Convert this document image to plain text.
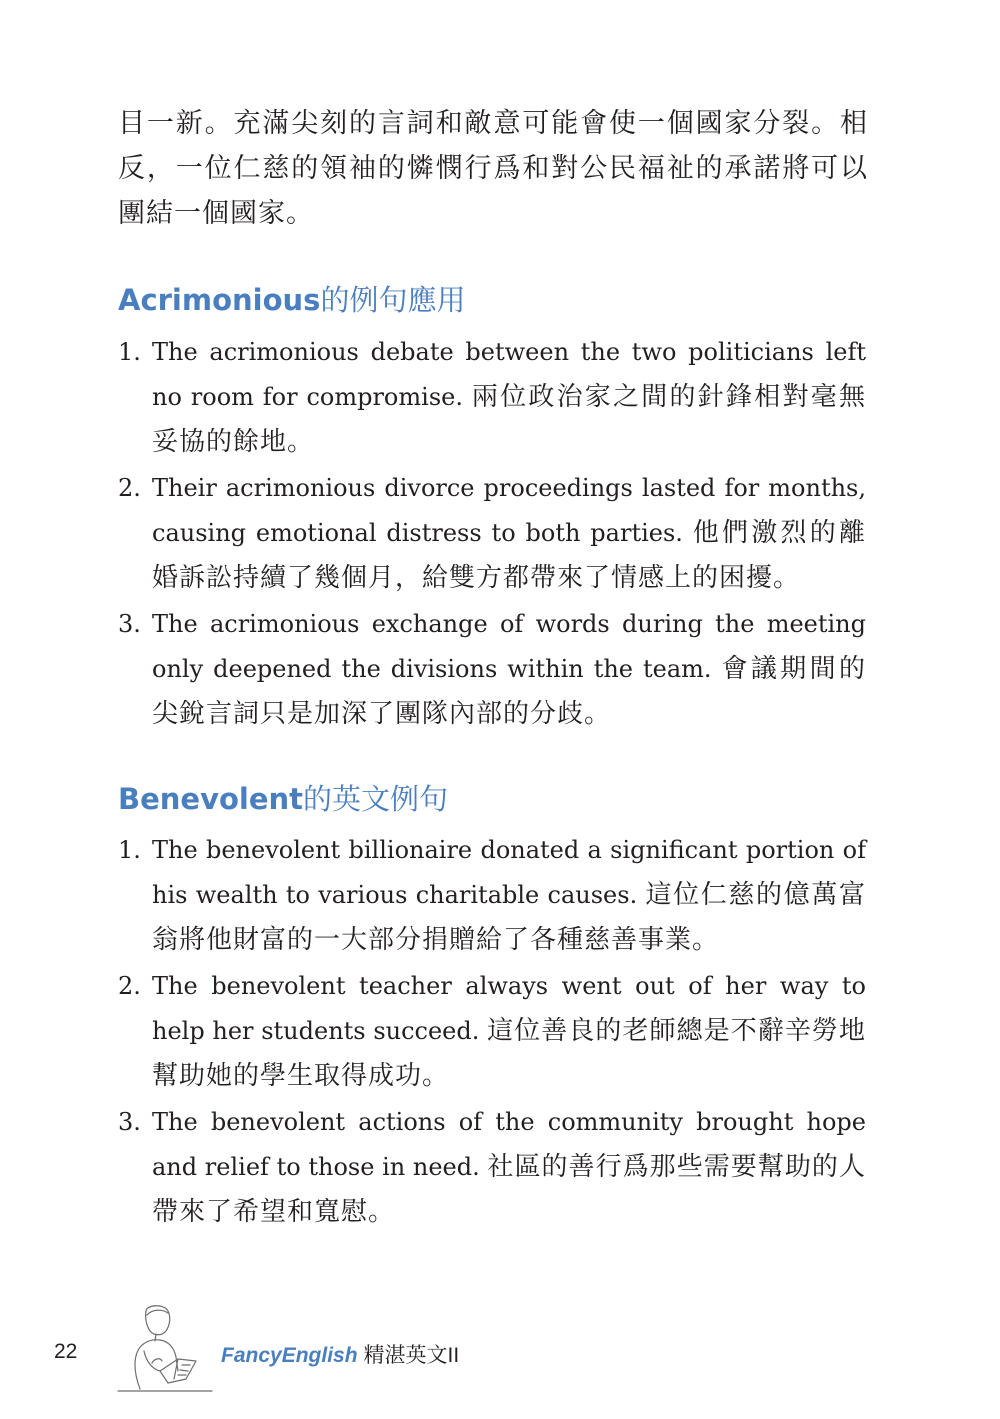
目一新。充滿尖刻的言詞和敵意可能會使一個國家分裂。相反，一位仁慈的領袖的憐憫行爲和對公民福祉的承諾將可以團結一個國家。

Acrimonious的例句應用
1. The acrimonious debate between the two politicians left no room for compromise. 兩位政治家之間的針鋒相對毫無妥協的餘地。
2. Their acrimonious divorce proceedings lasted for months, causing emotional distress to both parties. 他們激烈的離婚訴訟持續了幾個月，給雙方都帶來了情感上的困擾。
3. The acrimonious exchange of words during the meeting only deepened the divisions within the team. 會議期間的尖銳言詞只是加深了團隊內部的分歧。
Benevolent的英文例句
1. The benevolent billionaire donated a significant portion of his wealth to various charitable causes. 這位仁慈的億萬富翁將他財富的一大部分捐贈給了各種慈善事業。
2. The benevolent teacher always went out of her way to help her students succeed. 這位善良的老師總是不辭辛勞地幫助她的學生取得成功。
3. The benevolent actions of the community brought hope and relief to those in need. 社區的善行爲那些需要幫助的人帶來了希望和寬慰。
22	FancyEnglish 精湛英文II
